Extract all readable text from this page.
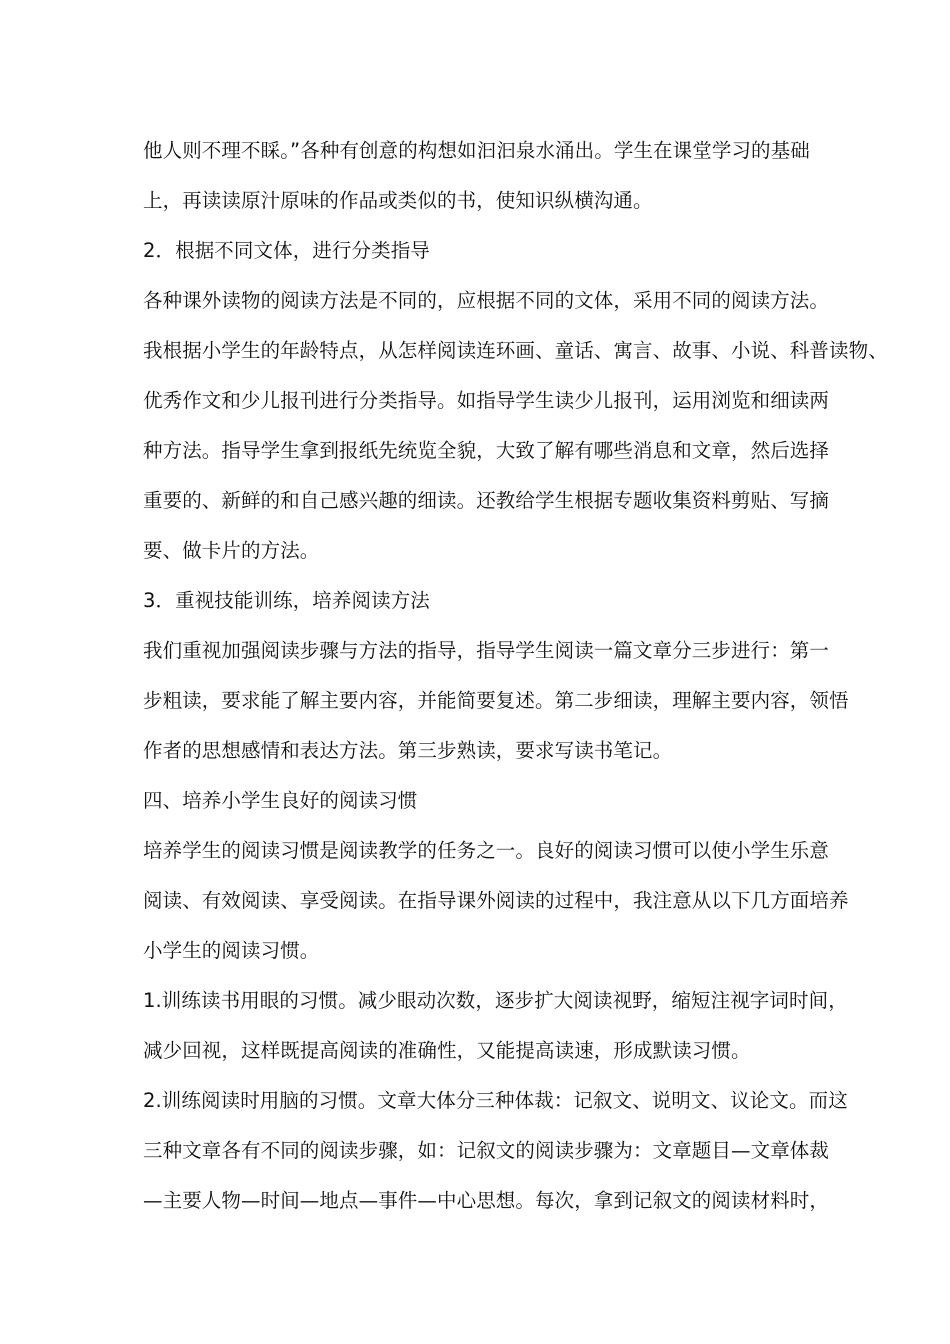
他人则不理不睬。”各种有创意的构想如汩汩泉水涌出。学生在课堂学习的基础
上，再读读原汁原味的作品或类似的书，使知识纵横沟通。
2．根据不同文体，进行分类指导
各种课外读物的阅读方法是不同的，应根据不同的文体，采用不同的阅读方法。
我根据小学生的年龄特点，从怎样阅读连环画、童话、寓言、故事、小说、科普读物、
优秀作文和少儿报刊进行分类指导。如指导学生读少儿报刊，运用浏览和细读两
种方法。指导学生拿到报纸先统览全貌，大致了解有哪些消息和文章，然后选择
重要的、新鲜的和自己感兴趣的细读。还教给学生根据专题收集资料剪贴、写摘
要、做卡片的方法。
3．重视技能训练，培养阅读方法
我们重视加强阅读步骤与方法的指导，指导学生阅读一篇文章分三步进行：第一
步粗读，要求能了解主要内容，并能简要复述。第二步细读，理解主要内容，领悟
作者的思想感情和表达方法。第三步熟读，要求写读书笔记。
四、培养小学生良好的阅读习惯
培养学生的阅读习惯是阅读教学的任务之一。良好的阅读习惯可以使小学生乐意
阅读、有效阅读、享受阅读。在指导课外阅读的过程中，我注意从以下几方面培养
小学生的阅读习惯。
1.训练读书用眼的习惯。减少眼动次数，逐步扩大阅读视野，缩短注视字词时间，
减少回视，这样既提高阅读的准确性，又能提高读速，形成默读习惯。
2.训练阅读时用脑的习惯。文章大体分三种体裁：记叙文、说明文、议论文。而这
三种文章各有不同的阅读步骤，如：记叙文的阅读步骤为：文章题目—文章体裁
—主要人物—时间—地点—事件—中心思想。每次，拿到记叙文的阅读材料时，
